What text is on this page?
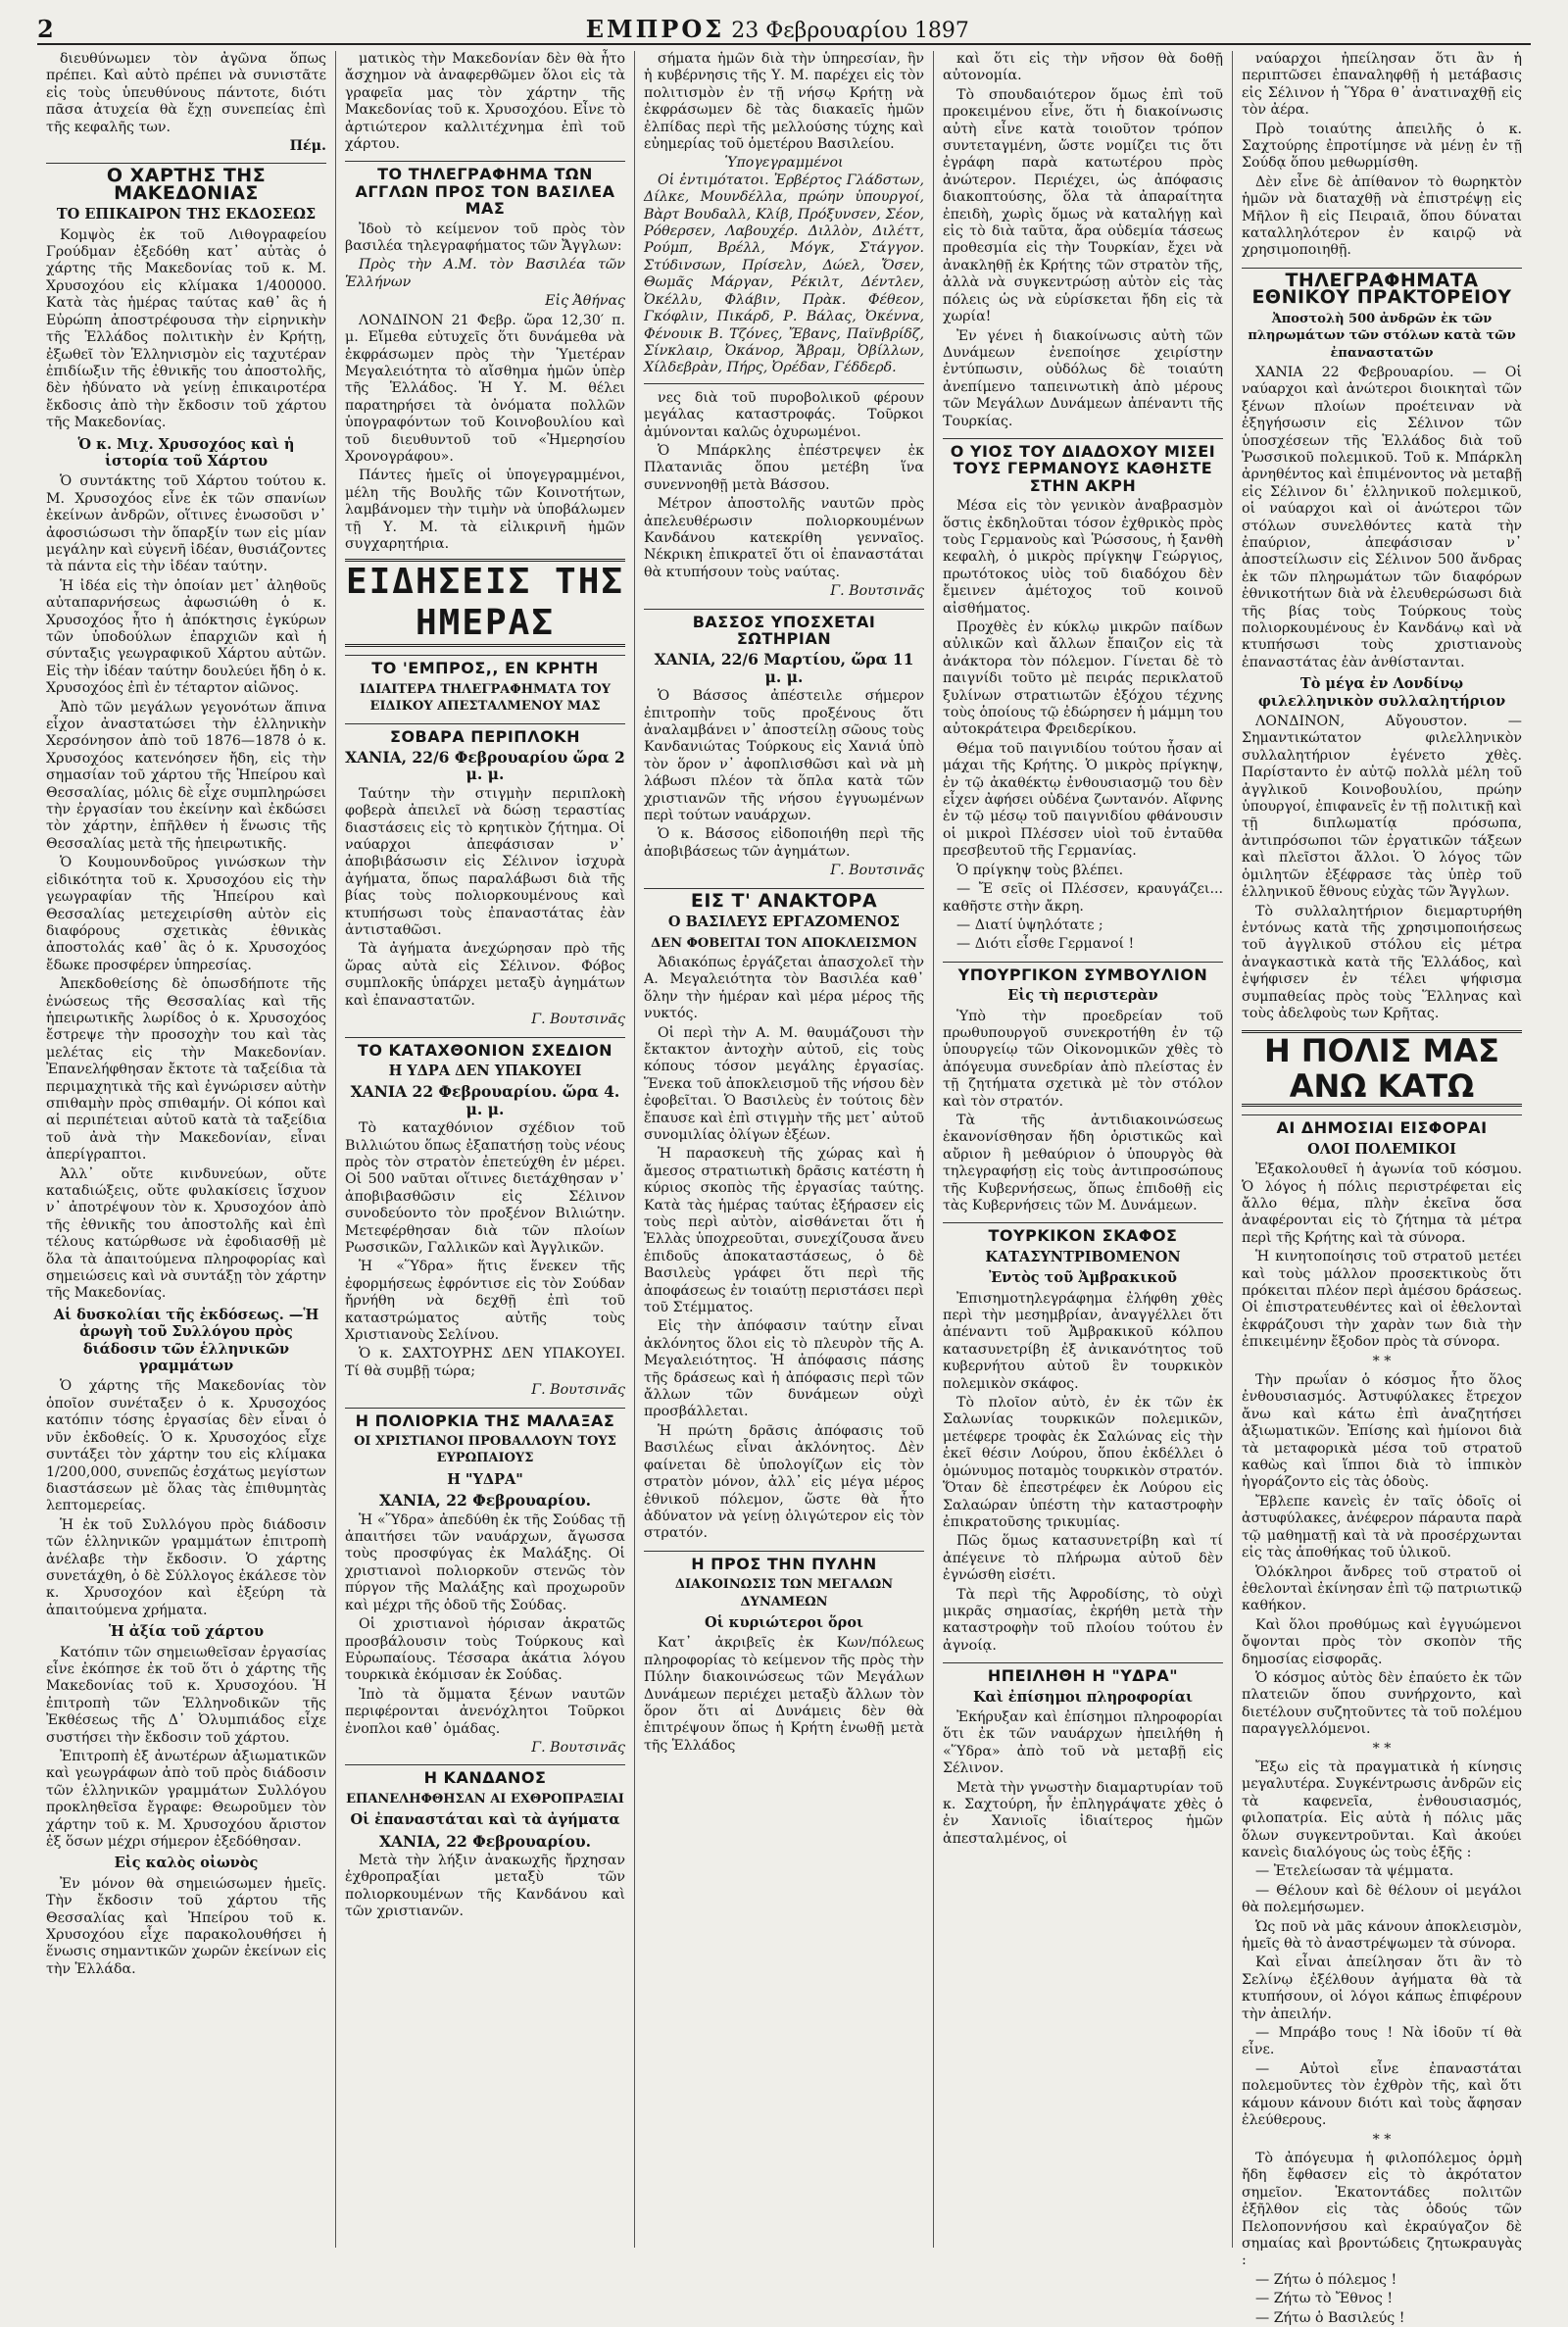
2	ΕΜΠΡΟΣ 23 Φεβρουαρίου 1897

διευθύνωμεν τὸν ἀγῶνα ὅπως πρέπει. Καὶ αὐτὸ πρέπει νὰ συνιστᾶτε εἰς τοὺς ὑπευθύνους πάντοτε, διότι πᾶσα ἀτυχεία θὰ ἔχῃ συνεπείας ἐπὶ τῆς κεφαλῆς των.

Πέμ.
Ο ΧΑΡΤΗΣ ΤΗΣ ΜΑΚΕΔΟΝΙΑΣ
ΤΟ ΕΠΙΚΑΙΡΟΝ ΤΗΣ ΕΚΔΟΣΕΩΣ

Κομψὸς ἐκ τοῦ Λιθογραφείου Γρούδμαν ἐξεδόθη κατ᾽ αὐτὰς ὁ χάρτης τῆς Μακεδονίας τοῦ κ. Μ. Χρυσοχόου εἰς κλίμακα 1/400000. Κατὰ τὰς ἡμέρας ταύτας καθ᾽ ἃς ἡ Εὐρώπη ἀποστρέφουσα τὴν εἰρηνικὴν τῆς Ἑλλάδος πολιτικὴν ἐν Κρήτῃ, ἐξωθεῖ τὸν Ἑλληνισμὸν εἰς ταχυτέραν ἐπιδίωξιν τῆς ἐθνικῆς του ἀποστολῆς, δὲν ἠδύνατο νὰ γείνῃ ἐπικαιροτέρα ἔκδοσις ἀπὸ τὴν ἔκδοσιν τοῦ χάρτου τῆς Μακεδονίας.

Ὁ κ. Μιχ. Χρυσοχόος καὶ ἡ ἱστορία τοῦ Χάρτου

Ὁ συντάκτης τοῦ Χάρτου τούτου κ. Μ. Χρυσοχόος εἶνε ἐκ τῶν σπανίων ἐκείνων ἀνδρῶν, οἵτινες ἐνωσοῦσι ν᾽ ἀφοσιώσωσι τὴν ὅπαρξίν των εἰς μίαν μεγάλην καὶ εὐγενῆ ἰδέαν, θυσιάζοντες τὰ πάντα εἰς τὴν ἰδέαν ταύτην.

Ἡ ἰδέα εἰς τὴν ὁποίαν μετ᾽ ἀληθοῦς αὐταπαρνήσεως ἀφωσιώθη ὁ κ. Χρυσοχόος ἦτο ἡ ἀπόκτησις ἐγκύρων τῶν ὑποδούλων ἐπαρχιῶν καὶ ἡ σύνταξις γεωγραφικοῦ Χάρτου αὐτῶν. Εἰς τὴν ἰδέαν ταύτην δουλεύει ἤδη ὁ κ. Χρυσοχόος ἐπὶ ἐν τέταρτον αἰῶνος.

Ἀπὸ τῶν μεγάλων γεγονότων ἅπινα εἶχον ἀναστατώσει τὴν ἑλληνικὴν Χερσόνησον ἀπὸ τοῦ 1876—1878 ὁ κ. Χρυσοχόος κατενόησεν ἤδη, εἰς τὴν σημασίαν τοῦ χάρτου τῆς Ἠπείρου καὶ Θεσσαλίας, μόλις δὲ εἶχε συμπληρώσει τὴν ἐργασίαν του ἐκείνην καὶ ἐκδώσει τὸν χάρτην, ἐπῆλθεν ἡ ἕνωσις τῆς Θεσσαλίας μετὰ τῆς ἡπειρωτικῆς.

Ὁ Κουμουνδοῦρος γινώσκων τὴν εἰδικότητα τοῦ κ. Χρυσοχόου εἰς τὴν γεωγραφίαν τῆς Ἠπείρου καὶ Θεσσαλίας μετεχειρίσθη αὐτὸν εἰς διαφόρους σχετικὰς ἐθνικὰς ἀποστολάς καθ᾽ ἃς ὁ κ. Χρυσοχόος ἔδωκε προσφέρεν ὑπηρεσίας.

Ἀπεκδοθείσης δὲ ὁπωσδήποτε τῆς ἐνώσεως τῆς Θεσσαλίας καὶ τῆς ἡπειρωτικῆς λωρίδος ὁ κ. Χρυσοχόος ἔστρεψε τὴν προσοχὴν του καὶ τὰς μελέτας εἰς τὴν Μακεδονίαν. Ἐπανελήφθησαν ἔκτοτε τὰ ταξείδια τὰ περιμαχητικὰ τῆς καὶ ἐγνώρισεν αὐτὴν σπιθαμὴν πρὸς σπιθαμήν. Οἱ κόποι καὶ αἱ περιπέτειαι αὐτοῦ κατὰ τὰ ταξείδια τοῦ ἀνὰ τὴν Μακεδονίαν, εἶναι ἀπερίγραπτοι.

Ἀλλ᾽ οὔτε κινδυνεύων, οὔτε καταδιώξεις, οὔτε φυλακίσεις ἴσχυον ν᾽ ἀποτρέψουν τὸν κ. Χρυσοχόον ἀπὸ τῆς ἐθνικῆς του ἀποστολῆς καὶ ἐπὶ τέλους κατώρθωσε νὰ ἐφοδιασθῇ μὲ ὅλα τὰ ἀπαιτούμενα πληροφορίας καὶ σημειώσεις καὶ νὰ συντάξῃ τὸν χάρτην τῆς Μακεδονίας.

Αἱ δυσκολίαι τῆς ἐκδόσεως. —Ἡ ἀρωγὴ τοῦ Συλλόγου πρὸς διάδοσιν τῶν ἑλληνικῶν γραμμάτων

Ὁ χάρτης τῆς Μακεδονίας τὸν ὁποῖον συνέταξεν ὁ κ. Χρυσοχόος κατόπιν τόσης ἐργασίας δὲν εἶναι ὁ νῦν ἐκδοθείς. Ὁ κ. Χρυσοχόος εἶχε συντάξει τὸν χάρτην του εἰς κλίμακα 1/200,000, συνεπῶς ἐσχάτως μεγίστων διαστάσεων μὲ ὅλας τὰς ἐπιθυμητὰς λεπτομερείας.

Ἡ ἐκ τοῦ Συλλόγου πρὸς διάδοσιν τῶν ἑλληνικῶν γραμμάτων ἐπιτροπὴ ἀνέλαβε τὴν ἔκδοσιν. Ὁ χάρτης συνετάχθη, ὁ δὲ Σύλλογος ἐκάλεσε τὸν κ. Χρυσοχόον καὶ ἐξεύρη τὰ ἀπαιτούμενα χρήματα.

Ἡ ἀξία τοῦ χάρτου

Κατόπιν τῶν σημειωθεῖσαν ἐργασίας εἶνε ἐκόπησε ἐκ τοῦ ὅτι ὁ χάρτης τῆς Μακεδονίας τοῦ κ. Χρυσοχόου. Ἡ ἐπιτροπὴ τῶν Ἑλληνοδικῶν τῆς Ἐκθέσεως τῆς Δ᾽ Ὀλυμπιάδος εἶχε συστήσει τὴν ἔκδοσιν τοῦ χάρτου.

Ἐπιτροπὴ ἐξ ἀνωτέρων ἀξιωματικῶν καὶ γεωγράφων ἀπὸ τοῦ πρὸς διάδοσιν τῶν ἑλληνικῶν γραμμάτων Συλλόγου προκληθεῖσα ἔγραφε: Θεωροῦμεν τὸν χάρτην τοῦ κ. Μ. Χρυσοχόου ἄριστον ἐξ ὅσων μέχρι σήμερον ἐξεδόθησαν.

Εἰς καλὸς οἰωνὸς

Ἐν μόνον θὰ σημειώσωμεν ἡμεῖς. Τὴν ἔκδοσιν τοῦ χάρτου τῆς Θεσσαλίας καὶ Ἠπείρου τοῦ κ. Χρυσοχόου εἶχε παρακολουθήσει ἡ ἕνωσις σημαντικῶν χωρῶν ἐκείνων εἰς τὴν Ἑλλάδα.

ματικὸς τὴν Μακεδονίαν δὲν θὰ ἦτο ἄσχημον νὰ ἀναφερθῶμεν ὅλοι εἰς τὰ γραφεῖα μας τὸν χάρτην τῆς Μακεδονίας τοῦ κ. Χρυσοχόου. Εἶνε τὸ ἀρτιώτερον καλλιτέχνημα ἐπὶ τοῦ χάρτου.

ΤΟ ΤΗΛΕΓΡΑΦΗΜΑ ΤΩΝ ΑΓΓΛΩΝ ΠΡΟΣ ΤΟΝ ΒΑΣΙΛΕΑ ΜΑΣ

Ἰδοὺ τὸ κείμενον τοῦ πρὸς τὸν βασιλέα τηλεγραφήματος τῶν Ἄγγλων:

Πρὸς τὴν Α.Μ. τὸν Βασιλέα τῶν Ἑλλήνων

Εἰς Ἀθήνας

ΛΟΝΔΙΝΟΝ 21 Φεβρ. ὥρα 12,30′ π. μ. Εἴμεθα εὐτυχεῖς ὅτι δυνάμεθα νὰ ἐκφράσωμεν πρὸς τὴν Ὑμετέραν Μεγαλειότητα τὸ αἴσθημα ἡμῶν ὑπὲρ τῆς Ἑλλάδος. Ἡ Υ. Μ. θέλει παρατηρήσει τὰ ὀνόματα πολλῶν ὑπογραφόντων τοῦ Κοινοβουλίου καὶ τοῦ διευθυντοῦ τοῦ «Ἡμερησίου Χρονογράφου».

Πάντες ἡμεῖς οἱ ὑπογεγραμμένοι, μέλη τῆς Βουλῆς τῶν Κοινοτήτων, λαμβάνομεν τὴν τιμὴν νὰ ὑποβάλωμεν τῇ Υ. Μ. τὰ εἰλικρινῆ ἡμῶν συγχαρητήρια.

ΕΙΔΗΣΕΙΣ ΤΗΣ ΗΜΕΡΑΣ
ΤΟ 'ΕΜΠΡΟΣ,, ΕΝ ΚΡΗΤΗ
ΙΔΙΑΙΤΕΡΑ ΤΗΛΕΓΡΑΦΗΜΑΤΑ ΤΟΥ ΕΙΔΙΚΟΥ ΑΠΕΣΤΑΛΜΕΝΟΥ ΜΑΣ
ΣΟΒΑΡΑ ΠΕΡΙΠΛΟΚΗ
ΧΑΝΙΑ, 22/6 Φεβρουαρίου ὥρα 2 μ. μ.

Ταύτην τὴν στιγμὴν περιπλοκὴ φοβερὰ ἀπειλεῖ νὰ δώσῃ τεραστίας διαστάσεις εἰς τὸ κρητικὸν ζήτημα. Οἱ ναύαρχοι ἀπεφάσισαν ν᾽ ἀποβιβάσωσιν εἰς Σέλινον ἰσχυρὰ ἀγήματα, ὅπως παραλάβωσι διὰ τῆς βίας τοὺς πολιορκουμένους καὶ κτυπήσωσι τοὺς ἐπαναστάτας ἐὰν ἀντισταθῶσι.

Τὰ ἀγήματα ἀνεχώρησαν πρὸ τῆς ὥρας αὐτὰ εἰς Σέλινον. Φόβος συμπλοκῆς ὑπάρχει μεταξὺ ἀγημάτων καὶ ἐπαναστατῶν.

Γ. Βουτσινᾶς
ΤΟ ΚΑΤΑΧΘΟΝΙΟΝ ΣΧΕΔΙΟΝ
Η ΥΔΡΑ ΔΕΝ ΥΠΑΚΟΥΕΙ
ΧΑΝΙΑ 22 Φεβρουαρίου. ὥρα 4. μ. μ.

Τὸ καταχθόνιον σχέδιον τοῦ Βιλλιώτου ὅπως ἐξαπατήσῃ τοὺς νέους πρὸς τὸν στρατὸν ἐπετεύχθη ἐν μέρει. Οἱ 500 ναῦται οἵτινες διετάχθησαν ν᾽ ἀποβιβασθῶσιν εἰς Σέλινον συνοδεύοντο τὸν προξένον Βιλιώτην. Μετεφέρθησαν διὰ τῶν πλοίων Ρωσσικῶν, Γαλλικῶν καὶ Ἀγγλικῶν.

Ἡ «Ὕδρα» ἥτις ἕνεκεν τῆς ἐφορμήσεως ἐφρόντισε εἰς τὸν Σούδαν ἤρνήθη νὰ δεχθῇ ἐπὶ τοῦ καταστρώματος αὐτῆς τοὺς Χριστιανοὺς Σελίνου.

Ὁ κ. ΣΑΧΤΟΥΡΗΣ ΔΕΝ ΥΠΑΚΟΥΕΙ. Τί θὰ συμβῇ τώρα;

Γ. Βουτσινᾶς
Η ΠΟΛΙΟΡΚΙΑ ΤΗΣ ΜΑΛΑΞΑΣ
ΟΙ ΧΡΙΣΤΙΑΝΟΙ ΠΡΟΒΑΛΛΟΥΝ ΤΟΥΣ ΕΥΡΩΠΑΙΟΥΣ
Η "ΥΔΡΑ"
ΧΑΝΙΑ, 22 Φεβρουαρίου.

Ἡ «Ὕδρα» ἀπεδύθη ἐκ τῆς Σούδας τῇ ἀπαιτήσει τῶν ναυάρχων, ἄγωσσα τοὺς προσφύγας ἐκ Μαλάξης. Οἱ χριστιανοὶ πολιορκοῦν στενῶς τὸν πύργον τῆς Μαλάξης καὶ προχωροῦν καὶ μέχρι τῆς ὁδοῦ τῆς Σούδας.

Οἱ χριστιανοὶ ἠόρισαν ἀκρατῶς προσβάλουσιν τοὺς Τούρκους καὶ Εὐρωπαίους. Τέσσαρα ἀκάτια λόγου τουρκικὰ ἐκόμισαν ἐκ Σούδας.

Ἰπὸ τὰ ὄμματα ξένων ναυτῶν περιφέρονται ἀνενόχλητοι Τοῦρκοι ἐνοπλοι καθ᾽ ὁμάδας.

Γ. Βουτσινᾶς
Η ΚΑΝΔΑΝΟΣ
ΕΠΑΝΕΛΗΦΘΗΣΑΝ ΑΙ ΕΧΘΡΟΠΡΑΞΙΑΙ
Οἱ ἐπαναστάται καὶ τὰ ἀγήματα
ΧΑΝΙΑ, 22 Φεβρουαρίου.

Μετὰ τὴν λήξιν ἀνακωχῆς ἤρχησαν ἐχθροπραξίαι μεταξὺ τῶν πολιορκουμένων τῆς Κανδάνου καὶ τῶν χριστιανῶν.

σήματα ἡμῶν διὰ τὴν ὑπηρεσίαν, ἣν ἡ κυβέρνησις τῆς Υ. Μ. παρέχει εἰς τὸν πολιτισμὸν ἐν τῇ νήσῳ Κρήτῃ νὰ ἐκφράσωμεν δὲ τὰς διακαεῖς ἡμῶν ἐλπίδας περὶ τῆς μελλούσης τύχης καὶ εὐημερίας τοῦ ὁμετέρου Βασιλείου.

Ὑπογεγραμμένοι

Οἱ ἐντιμότατοι. Ἐρβέρτος Γλάδστων, Δίλκε, Μουνδέλλα, πρώην ὑπουργοί, Βὰρτ Βουδαλλ, Κλίβ, Πρόξυνσεν, Σέον, Ρόθερσεν, Λαβουχέρ. Διλλὸν, Διλέττ, Ρούμπ, Βρέλλ, Μόγκ, Στάγγον. Στύδινσων, Πρίσελν, Δώελ, Ὄσεν, Θωμᾶς Μάργαν, Ρέκιλτ, Δέντλεν, Ὀκέλλυ, Φλάβιν, Πρὰκ. Φέθεον, Γκόφλιν, Πικάρδ, Ρ. Βάλας, Ὀκέννα, Φένουικ Β. Τζόνες, Ἔβανς, Παϊνβρίδζ, Σίνκλαιρ, Ὀκάνορ, Ἄβραμ, Ὀβίλλων, Χίλδεβρὰν, Πήρς, Ὀρέδαν, Γέδδερδ.

νες διὰ τοῦ πυροβολικοῦ φέρουν μεγάλας καταστροφάς. Τοῦρκοι ἀμύνονται καλῶς ὀχυρωμένοι.

Ὁ Μπάρκλης ἐπέστρεψεν ἐκ Πλατανιᾶς ὅπου μετέβη ἵνα συνεννοηθῇ μετὰ Βάσσου.

Μέτρον ἀποστολῆς ναυτῶν πρὸς ἀπελευθέρωσιν πολιορκουμένων Κανδάνου κατεκρίθη γενναῖος. Νέκρικη ἐπικρατεῖ ὅτι οἱ ἐπαναστάται θὰ κτυπήσουν τοὺς ναύτας.

Γ. Βουτσινᾶς
ΒΑΣΣΟΣ ΥΠΟΣΧΕΤΑΙ ΣΩΤΗΡΙΑΝ
ΧΑΝΙΑ, 22/6 Μαρτίου, ὥρα 11 μ. μ.

Ὁ Βάσσος ἀπέστειλε σήμερον ἐπιτροπὴν τοῦς προξένους ὅτι ἀναλαμβάνει ν᾽ ἀποστείλῃ σῶους τοὺς Κανδανιώτας Τούρκους εἰς Χανιά ὑπὸ τὸν ὅρον ν᾽ ἀφοπλισθῶσι καὶ νὰ μὴ λάβωσι πλέον τὰ ὅπλα κατὰ τῶν χριστιανῶν τῆς νήσου ἐγγυωμένων περὶ τούτων ναυάρχων.

Ὁ κ. Βάσσος εἰδοποιήθη περὶ τῆς ἀποβιβάσεως τῶν ἀγημάτων.

Γ. Βουτσινᾶς
ΕΙΣ Τ' ΑΝΑΚΤΟΡΑ
Ο ΒΑΣΙΛΕΥΣ ΕΡΓΑΖΟΜΕΝΟΣ
ΔΕΝ ΦΟΒΕΙΤΑΙ ΤΟΝ ΑΠΟΚΛΕΙΣΜΟΝ

Ἀδιακόπως ἐργάζεται ἀπασχολεῖ τὴν Α. Μεγαλειότητα τὸν Βασιλέα καθ᾽ ὅλην τὴν ἡμέραν καὶ μέρα μέρος τῆς νυκτός.

Οἱ περὶ τὴν Α. Μ. θαυμάζουσι τὴν ἔκτακτον ἀντοχὴν αὐτοῦ, εἰς τοὺς κόπους τόσον μεγάλης ἐργασίας. Ἕνεκα τοῦ ἀποκλεισμοῦ τῆς νήσου δὲν ἐφοβεῖται. Ὁ Βασιλεὺς ἐν τούτοις δὲν ἔπαυσε καὶ ἐπὶ στιγμὴν τῆς μετ᾽ αὐτοῦ συνομιλίας ὀλίγων ἐξέων.

Ἡ παρασκευὴ τῆς χώρας καὶ ἡ ἄμεσος στρατιωτικὴ δρᾶσις κατέστη ἡ κύριος σκοπὸς τῆς ἐργασίας ταύτης. Κατὰ τὰς ἡμέρας ταύτας ἐξήρασεν εἰς τοὺς περὶ αὐτὸν, αἰσθάνεται ὅτι ἡ Ἑλλὰς ὑποχρεοῦται, συνεχίζουσα ἄνευ ἐπιδοῦς ἀποκαταστάσεως, ὁ δὲ Βασιλεὺς γράφει ὅτι περὶ τῆς ἀποφάσεως ἐν τοιαύτῃ περιστάσει περὶ τοῦ Στέμματος.

Εἰς τὴν ἀπόφασιν ταύτην εἶναι ἀκλόνητος ὅλοι εἰς τὸ πλευρὸν τῆς Α. Μεγαλειότητος. Ἡ ἀπόφασις πάσης τῆς δράσεως καὶ ἡ ἀπόφασις περὶ τῶν ἄλλων τῶν δυνάμεων οὐχὶ προσβάλλεται.

Ἡ πρώτη δρᾶσις ἀπόφασις τοῦ Βασιλέως εἶναι ἀκλόνητος. Δὲν φαίνεται δὲ ὑπολογίζων εἰς τὸν στρατὸν μόνον, ἀλλ᾽ εἰς μέγα μέρος ἐθνικοῦ πόλεμον, ὥστε θὰ ἦτο ἀδύνατον νὰ γείνῃ ὀλιγώτερον εἰς τὸν στρατόν.

Η ΠΡΟΣ ΤΗΝ ΠΥΛΗΝ
ΔΙΑΚΟΙΝΩΣΙΣ ΤΩΝ ΜΕΓΑΛΩΝ ΔΥΝΑΜΕΩΝ
Οἱ κυριώτεροι ὅροι

Κατ᾽ ἀκριβεῖς ἐκ Κων/πόλεως πληροφορίας τὸ κείμενον τῆς πρὸς τὴν Πύλην διακοινώσεως τῶν Μεγάλων Δυνάμεων περιέχει μεταξὺ ἄλλων τὸν ὅρον ὅτι αἱ Δυνάμεις δὲν θὰ ἐπιτρέψουν ὅπως ἡ Κρήτη ἑνωθῇ μετὰ τῆς Ἑλλάδος

καὶ ὅτι εἰς τὴν νῆσον θὰ δοθῇ αὐτονομία.

Τὸ σπουδαιότερον ὅμως ἐπὶ τοῦ προκειμένου εἶνε, ὅτι ἡ διακοίνωσις αὐτὴ εἶνε κατὰ τοιοῦτον τρόπον συντεταγμένη, ὥστε νομίζει τις ὅτι ἐγράφη παρὰ κατωτέρου πρὸς ἀνώτερον. Περιέχει, ὡς ἀπόφασις διακοπτούσης, ὅλα τὰ ἀπαραίτητα ἐπειδὴ, χωρὶς ὅμως νὰ καταλήγῃ καὶ εἰς τὸ διὰ ταῦτα, ἄρα οὐδεμία τάσεως προθεσμία εἰς τὴν Τουρκίαν, ἔχει νὰ ἀνακληθῇ ἐκ Κρήτης τῶν στρατὸν τῆς, ἀλλὰ νὰ συγκεντρώσῃ αὐτὸν εἰς τὰς πόλεις ὡς νὰ εὑρίσκεται ἤδη εἰς τὰ χωρία!

Ἐν γένει ἡ διακοίνωσις αὐτὴ τῶν Δυνάμεων ἐνεποίησε χειρίστην ἐντύπωσιν, οὐδόλως δὲ τοιαύτη ἀνεπίμενο ταπεινωτικὴ ἀπὸ μέρους τῶν Μεγάλων Δυνάμεων ἀπέναντι τῆς Τουρκίας.

Ο ΥΙΟΣ ΤΟΥ ΔΙΑΔΟΧΟΥ ΜΙΣΕΙ ΤΟΥΣ ΓΕΡΜΑΝΟΥΣ ΚΑΘΗΣΤΕ ΣΤΗΝ ΑΚΡΗ

Μέσα εἰς τὸν γενικὸν ἀναβρασμὸν ὅστις ἐκδηλοῦται τόσον ἐχθρικὸς πρὸς τοὺς Γερμανοὺς καὶ Ῥώσσους, ἡ ξανθὴ κεφαλὴ, ὁ μικρὸς πρίγκηψ Γεώργιος, πρωτότοκος υἱὸς τοῦ διαδόχου δὲν ἔμεινεν ἀμέτοχος τοῦ κοινοῦ αἰσθήματος.

Προχθὲς ἐν κύκλῳ μικρῶν παίδων αὐλικῶν καὶ ἄλλων ἔπαιζον εἰς τὰ ἀνάκτορα τὸν πόλεμον. Γίνεται δὲ τὸ παιγνίδι τοῦτο μὲ πειράς περικλατοῦ ξυλίνων στρατιωτῶν ἐξόχου τέχνης τοὺς ὁποίους τῷ ἐδώρησεν ἡ μάμμη του αὐτοκράτειρα Φρειδερίκου.

Θέμα τοῦ παιγνιδίου τούτου ἦσαν αἱ μάχαι τῆς Κρήτης. Ὁ μικρὸς πρίγκηψ, ἐν τῷ ἀκαθέκτῳ ἐνθουσιασμῷ του δὲν εἶχεν ἀφήσει οὐδένα ζωντανόν. Αἴφνης ἐν τῷ μέσῳ τοῦ παιγνιδίου φθάνουσιν οἱ μικροὶ Πλέσσεν υἱοὶ τοῦ ἐνταῦθα πρεσβευτοῦ τῆς Γερμανίας.

Ὁ πρίγκηψ τοὺς βλέπει.

— Ἔ σεῖς οἱ Πλέσσεν, κραυγάζει... καθῆστε στὴν ἄκρη.

— Διατί ὑψηλότατε ;

— Διότι εἶσθε Γερμανοί !

ΥΠΟΥΡΓΙΚΟΝ ΣΥΜΒΟΥΛΙΟΝ
Εἰς τὴ περιστερὰν

Ὑπὸ τὴν προεδρείαν τοῦ πρωθυπουργοῦ συνεκροτήθη ἐν τῷ ὑπουργείῳ τῶν Οἰκονομικῶν χθὲς τὸ ἀπόγευμα συνεδρίαν ἀπὸ πλείστας ἐν τῇ ζητήματα σχετικὰ μὲ τὸν στόλον καὶ τὸν στρατόν.

Τὰ τῆς ἀντιδιακοινώσεως ἐκανονίσθησαν ἤδη ὁριστικῶς καὶ αὔριον ἢ μεθαύριον ὁ ὑπουργὸς θὰ τηλεγραφήσῃ εἰς τοὺς ἀντιπροσώπους τῆς Κυβερνήσεως, ὅπως ἐπιδοθῇ εἰς τὰς Κυβερνήσεις τῶν Μ. Δυνάμεων.

ΤΟΥΡΚΙΚΟΝ ΣΚΑΦΟΣ
ΚΑΤΑΣΥΝΤΡΙΒΟΜΕΝΟΝ
Ἐντὸς τοῦ Ἀμβρακικοῦ

Ἐπισημοτηλεγράφημα ἐλήφθη χθὲς περὶ τὴν μεσημβρίαν, ἀναγγέλλει ὅτι ἀπέναντι τοῦ Ἀμβρακικοῦ κόλπου κατασυνετρίβη ἐξ ἀνικανότητος τοῦ κυβερνήτου αὐτοῦ ἓν τουρκικὸν πολεμικὸν σκάφος.

Τὸ πλοῖον αὐτὸ, ἐν ἐκ τῶν ἐκ Σαλωνίας τουρκικῶν πολεμικῶν, μετέφερε τροφὰς ἐκ Σαλώνας εἰς τὴν ἐκεῖ θέσιν Λούρου, ὅπου ἐκδέλλει ὁ ὁμώνυμος ποταμὸς τουρκικὸν στρατόν. Ὅταν δὲ ἐπεστρέφεν ἐκ Λούρου εἰς Σαλαώραν ὑπέστη τὴν καταστροφὴν ἐπικρατοῦσης τρικυμίας.

Πῶς ὅμως κατασυνετρίβη καὶ τί ἀπέγεινε τὸ πλήρωμα αὐτοῦ δὲν ἐγνώσθη εἰσέτι.

Τὰ περὶ τῆς Ἀφροδίσης, τὸ οὐχὶ μικρᾶς σημασίας, ἐκρήθη μετὰ τὴν καταστροφὴν τοῦ πλοίου τούτου ἐν ἀγνοίᾳ.

ΗΠΕΙΛΗΘΗ Η "ΥΔΡΑ"
Καὶ ἐπίσημοι πληροφορίαι

Ἐκήρυξαν καὶ ἐπίσημοι πληροφορίαι ὅτι ἐκ τῶν ναυάρχων ἠπειλήθη ἡ «Ὕδρα» ἀπὸ τοῦ νὰ μεταβῇ εἰς Σέλινον.

Μετὰ τὴν γνωστὴν διαμαρτυρίαν τοῦ κ. Σαχτούρη, ἦν ἐπληγράψατε χθὲς ὁ ἐν Χανιοῖς ἰδιαίτερος ἡμῶν ἀπεσταλμένος, οἱ

ναύαρχοι ἠπείλησαν ὅτι ἂν ἡ περιπτῶσει ἐπαναληφθῇ ἡ μετάβασις εἰς Σέλινον ἡ Ὕδρα θ᾽ ἀνατιναχθῇ εἰς τὸν ἀέρα.

Πρὸ τοιαύτης ἀπειλῆς ὁ κ. Σαχτούρης ἐπροτίμησε νὰ μένῃ ἐν τῇ Σούδᾳ ὅπου μεθωρμίσθη.

Δὲν εἶνε δὲ ἀπίθανον τὸ θωρηκτὸν ἡμῶν νὰ διαταχθῇ νὰ ἐπιστρέψῃ εἰς Μῆλον ἢ εἰς Πειραιᾶ, ὅπου δύναται καταλληλότερον ἐν καιρῷ νὰ χρησιμοποιηθῇ.

ΤΗΛΕΓΡΑΦΗΜΑΤΑ ΕΘΝΙΚΟΥ ΠΡΑΚΤΟΡΕΙΟΥ
Ἀποστολὴ 500 ἀνδρῶν ἐκ τῶν πληρωμάτων τῶν στόλων κατὰ τῶν ἐπαναστατῶν

ΧΑΝΙΑ 22 Φεβρουαρίου. — Οἱ ναύαρχοι καὶ ἀνώτεροι διοικηταὶ τῶν ξένων πλοίων προέτειναν νὰ ἐξηγήσωσιν εἰς Σέλινον τῶν ὑποσχέσεων τῆς Ἑλλάδος διὰ τοῦ Ῥωσσικοῦ πολεμικοῦ. Τοῦ κ. Μπάρκλη ἀρνηθέντος καὶ ἐπιμένοντος νὰ μεταβῇ εἰς Σέλινον δι᾽ ἑλληνικοῦ πολεμικοῦ, οἱ ναύαρχοι καὶ οἱ ἀνώτεροι τῶν στόλων συνελθόντες κατὰ τὴν ἐπαύριον, ἀπεφάσισαν ν᾽ ἀποστείλωσιν εἰς Σέλινον 500 ἄνδρας ἐκ τῶν πληρωμάτων τῶν διαφόρων ἐθνικοτήτων διὰ νὰ ἐλευθερώσωσι διὰ τῆς βίας τοὺς Τούρκους τοὺς πολιορκουμένους ἐν Κανδάνῳ καὶ νὰ κτυπήσωσι τοὺς χριστιανοὺς ἐπαναστάτας ἐὰν ἀνθίστανται.

Τὸ μέγα ἐν Λονδίνῳ φιλελληνικὸν συλλαλητήριον

ΛΟΝΔΙΝΟΝ, Αὔγουστον. — Σημαντικώτατον φιλελληνικὸν συλλαλητήριον ἐγένετο χθὲς. Παρίσταντο ἐν αὐτῷ πολλὰ μέλη τοῦ ἀγγλικοῦ Κοινοβουλίου, πρώην ὑπουργοί, ἐπιφανεῖς ἐν τῇ πολιτικῇ καὶ τῇ διπλωματίᾳ πρόσωπα, ἀντιπρόσωποι τῶν ἐργατικῶν τάξεων καὶ πλεῖστοι ἄλλοι. Ὁ λόγος τῶν ὁμιλητῶν ἐξέφρασε τὰς ὑπὲρ τοῦ ἑλληνικοῦ ἔθνους εὐχὰς τῶν Ἄγγλων.

Τὸ συλλαλητήριον διεμαρτυρήθη ἐντόνως κατὰ τῆς χρησιμοποιήσεως τοῦ ἀγγλικοῦ στόλου εἰς μέτρα ἀναγκαστικὰ κατὰ τῆς Ἑλλάδος, καὶ ἐψήφισεν ἐν τέλει ψήφισμα συμπαθείας πρὸς τοὺς Ἕλληνας καὶ τοὺς ἀδελφοὺς των Κρῆτας.

Η ΠΟΛΙΣ ΜΑΣ ΑΝΩ ΚΑΤΩ
ΑΙ ΔΗΜΟΣΙΑΙ ΕΙΣΦΟΡΑΙ
ΟΛΟΙ ΠΟΛΕΜΙΚΟΙ

Ἐξακολουθεῖ ἡ ἀγωνία τοῦ κόσμου. Ὁ λόγος ἡ πόλις περιστρέφεται εἰς ἄλλο θέμα, πλὴν ἐκεῖνα ὅσα ἀναφέρονται εἰς τὸ ζήτημα τὰ μέτρα περὶ τῆς Κρήτης καὶ τὰ σύνορα.

Ἡ κινητοποίησις τοῦ στρατοῦ μετέει καὶ τοὺς μάλλον προσεκτικοὺς ὅτι πρόκειται πλέον περὶ ἀμέσου δράσεως. Οἱ ἐπιστρατευθέντες καὶ οἱ ἐθελονταὶ ἐκφράζουσι τὴν χαρὰν των διὰ τὴν ἐπικειμένην ἔξοδον πρὸς τὰ σύνορα.

* *

Τὴν πρωΐαν ὁ κόσμος ἦτο ὅλος ἐνθουσιασμός. Ἀστυφύλακες ἔτρεχον ἄνω καὶ κάτω ἐπὶ ἀναζητήσει ἀξιωματικῶν. Ἐπίσης καὶ ἡμίονοι διὰ τὰ μεταφορικὰ μέσα τοῦ στρατοῦ καθὼς καὶ ἵπποι διὰ τὸ ἱππικὸν ἠγοράζοντο εἰς τὰς ὁδοὺς.

Ἔβλεπε κανεὶς ἐν ταῖς ὁδοῖς οἱ ἀστυφύλακες, ἀνέφερον πάραυτα παρὰ τῷ μαθηματῇ καὶ τὰ νὰ προσέρχωνται εἰς τὰς ἀποθήκας τοῦ ὑλικοῦ.

Ὁλόκληροι ἄνδρες τοῦ στρατοῦ οἱ ἐθελονταὶ ἐκίνησαν ἐπὶ τῷ πατριωτικῷ καθήκον.

Καὶ ὅλοι προθύμως καὶ ἐγγυώμενοι ὄψονται πρὸς τὸν σκοπὸν τῆς δημοσίας εἰσφορᾶς.

Ὁ κόσμος αὐτὸς δὲν ἐπαύετο ἐκ τῶν πλατειῶν ὅπου συνήρχοντο, καὶ διετέλουν συζητοῦντες τὰ τοῦ πολέμου παραγγελλόμενοι.

* *

Ἔξω εἰς τὰ πραγματικὰ ἡ κίνησις μεγαλυτέρα. Συγκέντρωσις ἀνδρῶν εἰς τὰ καφενεῖα, ἐνθουσιασμός, φιλοπατρία. Εἰς αὐτὰ ἡ πόλις μᾶς ὅλων συγκεντροῦνται. Καὶ ἀκούει κανεὶς διαλόγους ὡς τοὺς ἑξῆς :

— Ἐτελείωσαν τὰ ψέμματα.

— Θέλουν καὶ δὲ θέλουν οἱ μεγάλοι θὰ πολεμήσωμεν.

Ὡς ποῦ νὰ μᾶς κάνουν ἀποκλεισμὸν, ἡμεῖς θὰ τὸ ἀναστρέψωμεν τὰ σύνορα.

Καὶ εἶναι ἀπείλησαν ὅτι ἂν τὸ Σελίνῳ ἐξέλθουν ἀγήματα θὰ τὰ κτυπήσουν, οἱ λόγοι κάπως ἐπιφέρουν τὴν ἀπειλήν.

— Μπράβο τους ! Νὰ ἰδοῦν τί θὰ εἶνε.

— Αὐτοὶ εἶνε ἐπαναστάται πολεμοῦντες τὸν ἐχθρὸν τῆς, καὶ ὅτι κάμουν κάνουν διότι καὶ τοὺς ἄφησαν ἐλεύθερους.

* *

Τὸ ἀπόγευμα ἡ φιλοπόλεμος ὁρμὴ ἤδη ἔφθασεν εἰς τὸ ἀκρότατον σημεῖον. Ἑκατοντάδες πολιτῶν ἐξῆλθον εἰς τὰς ὁδούς τῶν Πελοποννήσου καὶ ἐκραύγαζον δὲ σημαίας καὶ βροντώδεις ζητωκραυγὰς :

— Ζήτω ὁ πόλεμος !

— Ζήτω τὸ Ἔθνος !

— Ζήτω ὁ Βασιλεύς !
